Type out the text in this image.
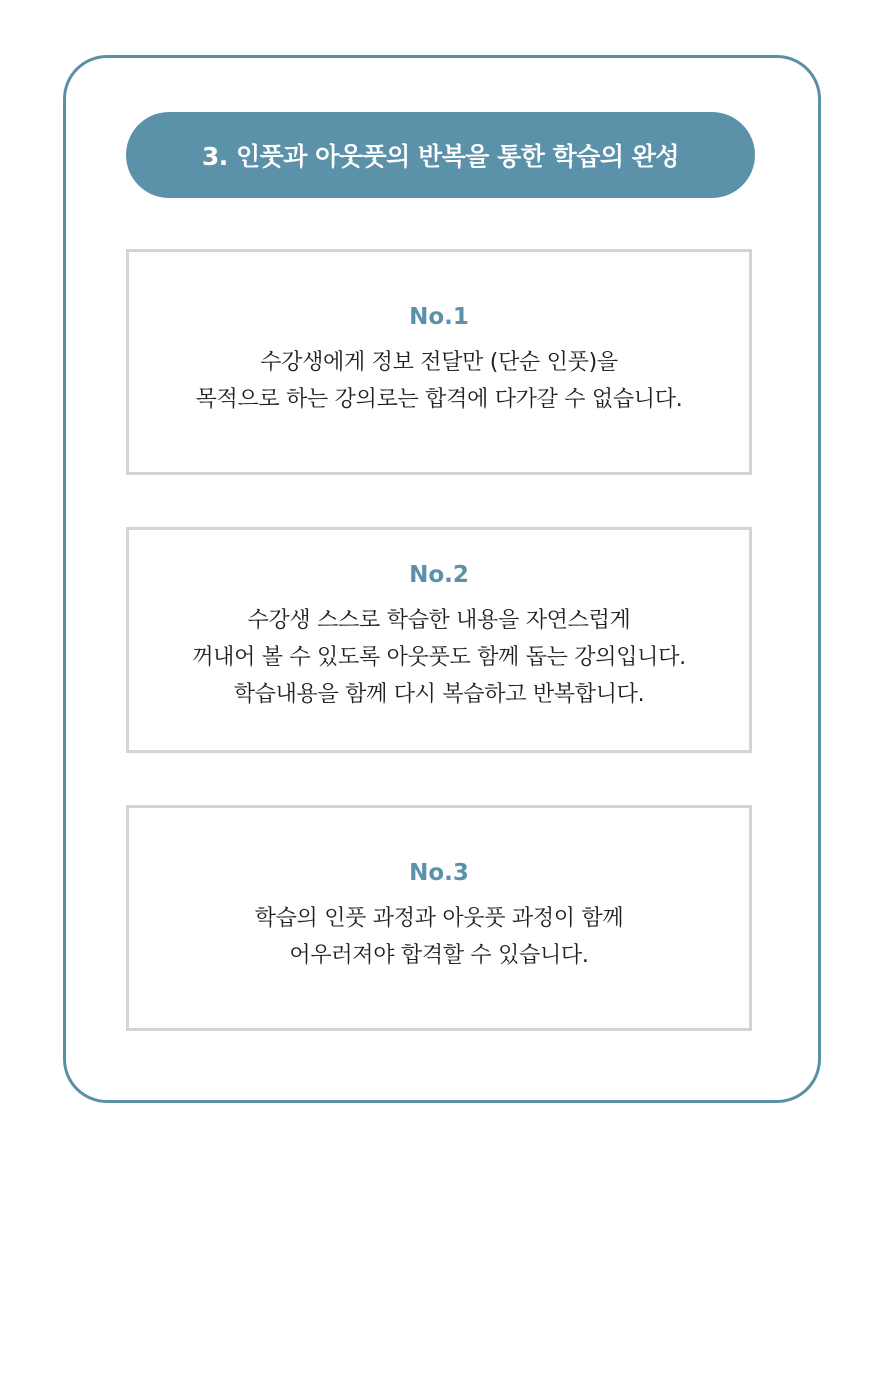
3. 인풋과 아웃풋의 반복을 통한 학습의 완성
No.1
수강생에게 정보 전달만 (단순 인풋)을
목적으로 하는 강의로는 합격에 다가갈 수 없습니다.
No.2
수강생 스스로 학습한 내용을 자연스럽게
꺼내어 볼 수 있도록 아웃풋도 함께 돕는 강의입니다.
학습내용을 함께 다시 복습하고 반복합니다.
No.3
학습의 인풋 과정과 아웃풋 과정이 함께
어우러져야 합격할 수 있습니다.
